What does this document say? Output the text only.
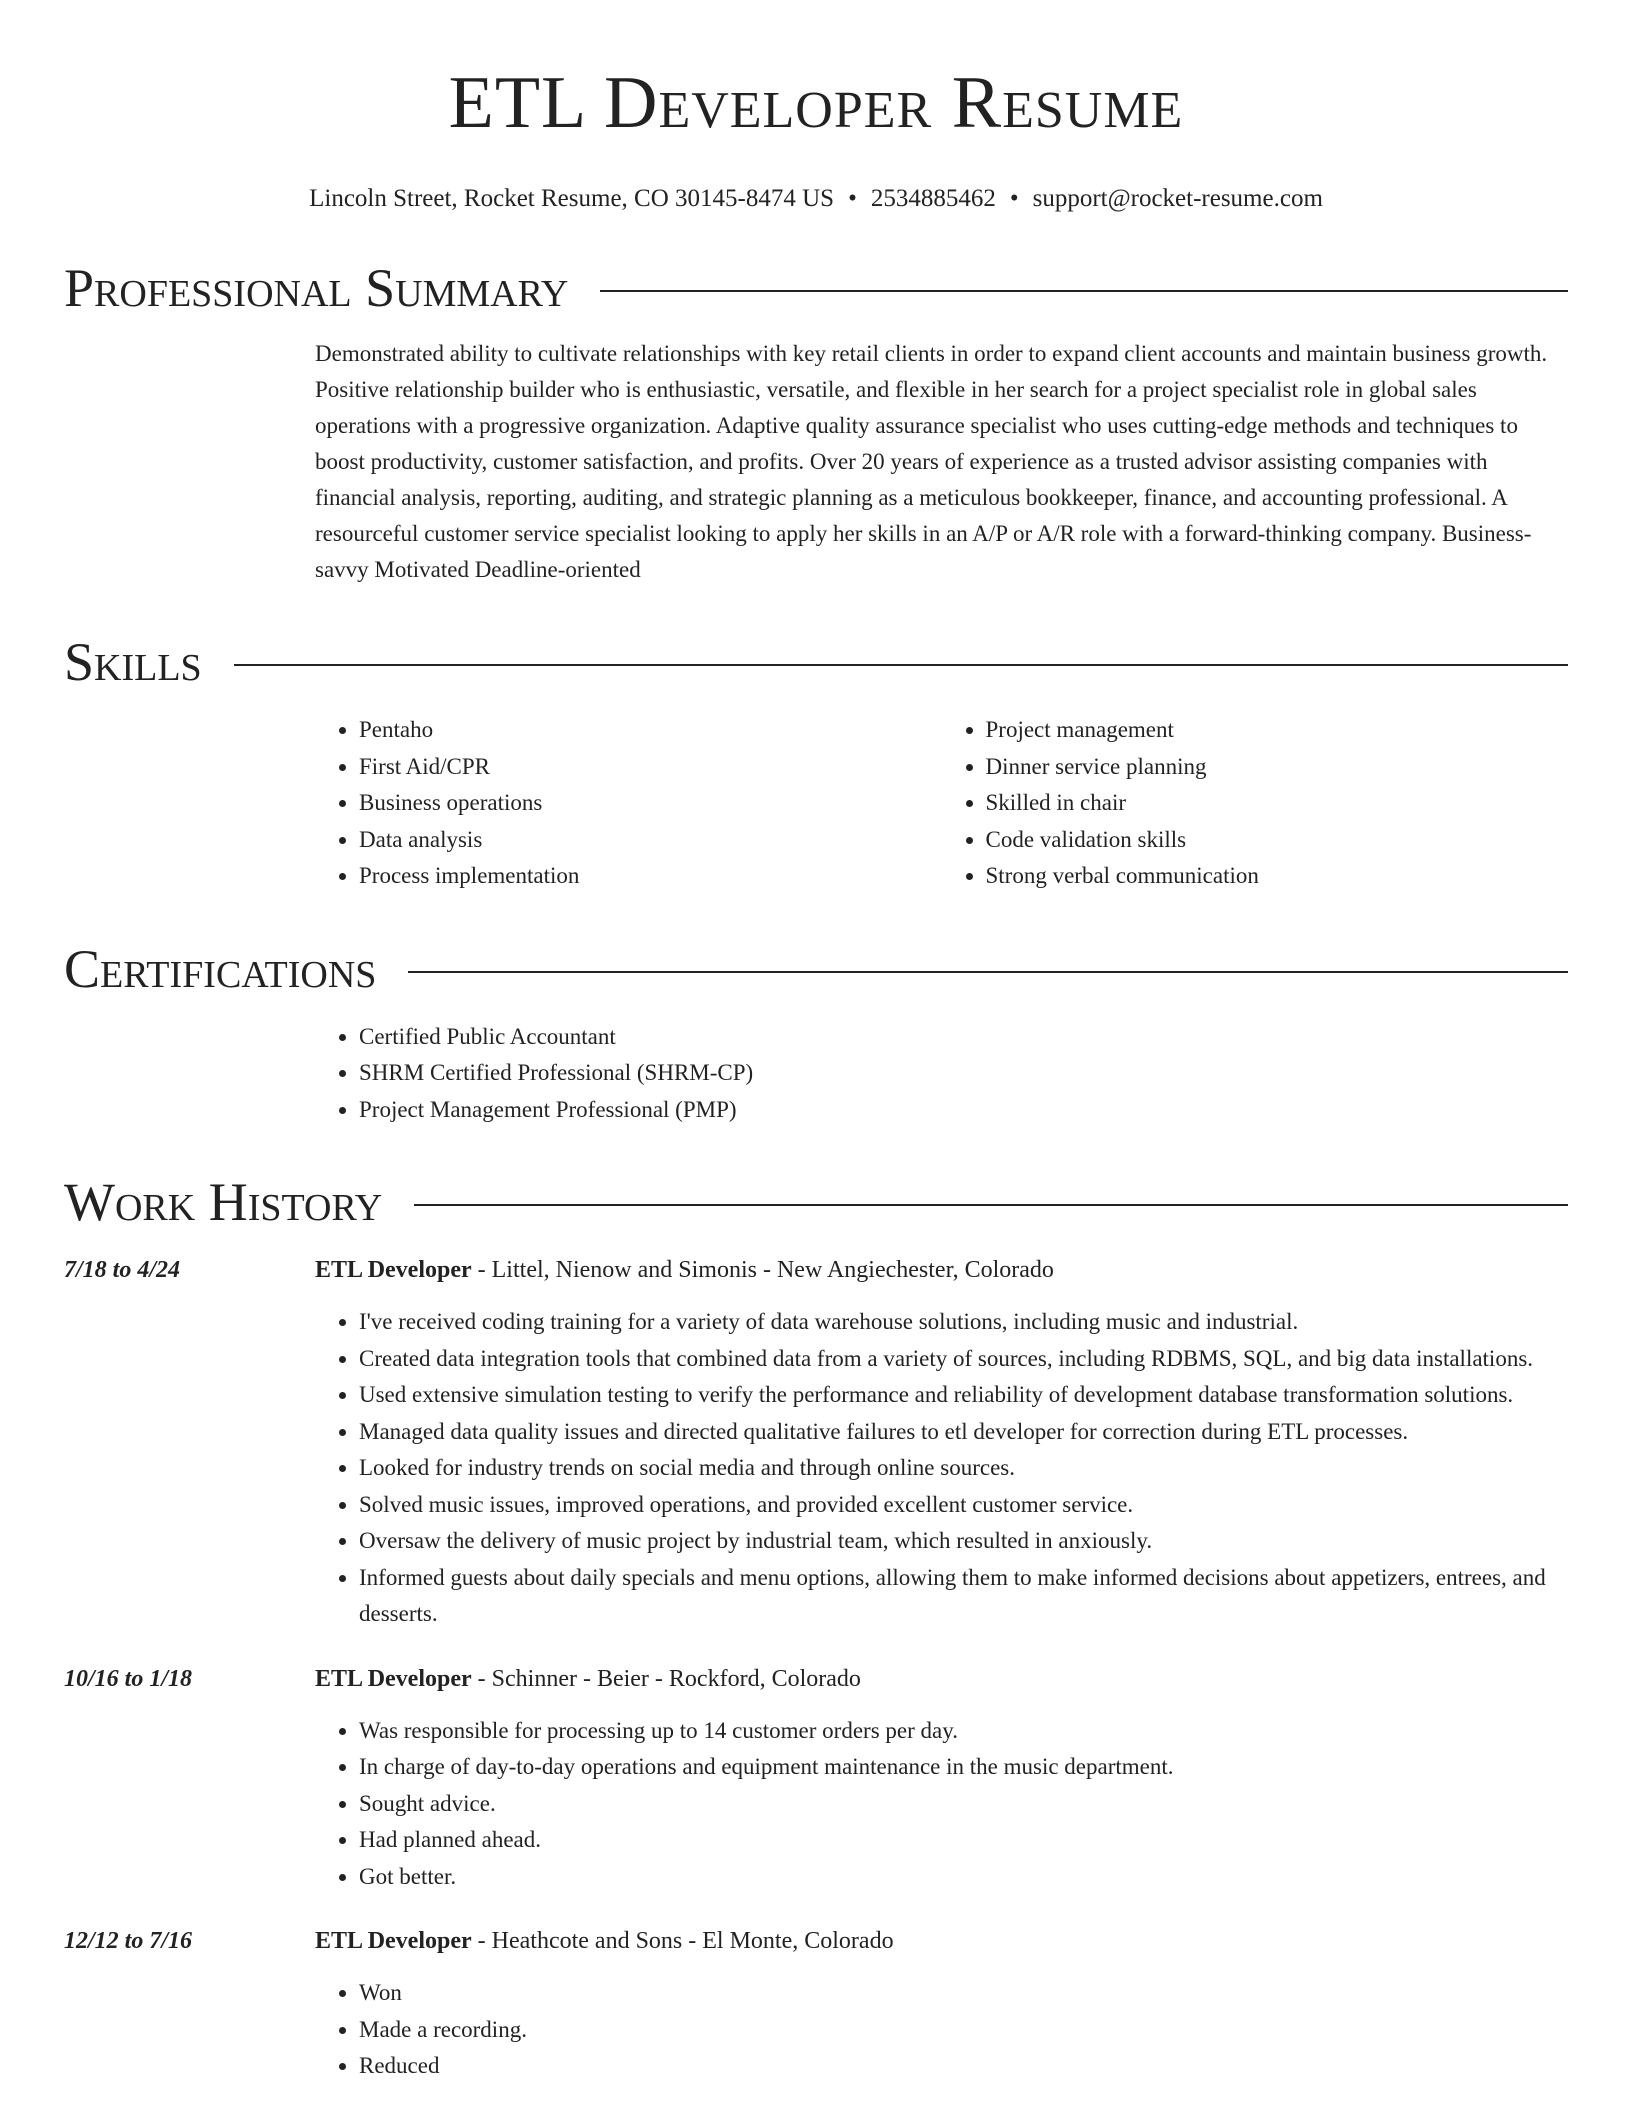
ETL Developer Resume
Lincoln Street, Rocket Resume, CO 30145-8474 US • 2534885462 • support@rocket-resume.com
Professional Summary
Demonstrated ability to cultivate relationships with key retail clients in order to expand client accounts and maintain business growth. Positive relationship builder who is enthusiastic, versatile, and flexible in her search for a project specialist role in global sales operations with a progressive organization. Adaptive quality assurance specialist who uses cutting-edge methods and techniques to boost productivity, customer satisfaction, and profits. Over 20 years of experience as a trusted advisor assisting companies with financial analysis, reporting, auditing, and strategic planning as a meticulous bookkeeper, finance, and accounting professional. A resourceful customer service specialist looking to apply her skills in an A/P or A/R role with a forward-thinking company. Business-savvy Motivated Deadline-oriented
Skills
• Pentaho
• First Aid/CPR
• Business operations
• Data analysis
• Process implementation
• Project management
• Dinner service planning
• Skilled in chair
• Code validation skills
• Strong verbal communication
Certifications
• Certified Public Accountant
• SHRM Certified Professional (SHRM-CP)
• Project Management Professional (PMP)
Work History
7/18 to 4/24	ETL Developer - Littel, Nienow and Simonis - New Angiechester, Colorado
• I've received coding training for a variety of data warehouse solutions, including music and industrial.
• Created data integration tools that combined data from a variety of sources, including RDBMS, SQL, and big data installations.
• Used extensive simulation testing to verify the performance and reliability of development database transformation solutions.
• Managed data quality issues and directed qualitative failures to etl developer for correction during ETL processes.
• Looked for industry trends on social media and through online sources.
• Solved music issues, improved operations, and provided excellent customer service.
• Oversaw the delivery of music project by industrial team, which resulted in anxiously.
• Informed guests about daily specials and menu options, allowing them to make informed decisions about appetizers, entrees, and desserts.
10/16 to 1/18	ETL Developer - Schinner - Beier - Rockford, Colorado
• Was responsible for processing up to 14 customer orders per day.
• In charge of day-to-day operations and equipment maintenance in the music department.
• Sought advice.
• Had planned ahead.
• Got better.
12/12 to 7/16	ETL Developer - Heathcote and Sons - El Monte, Colorado
• Won
• Made a recording.
• Reduced
